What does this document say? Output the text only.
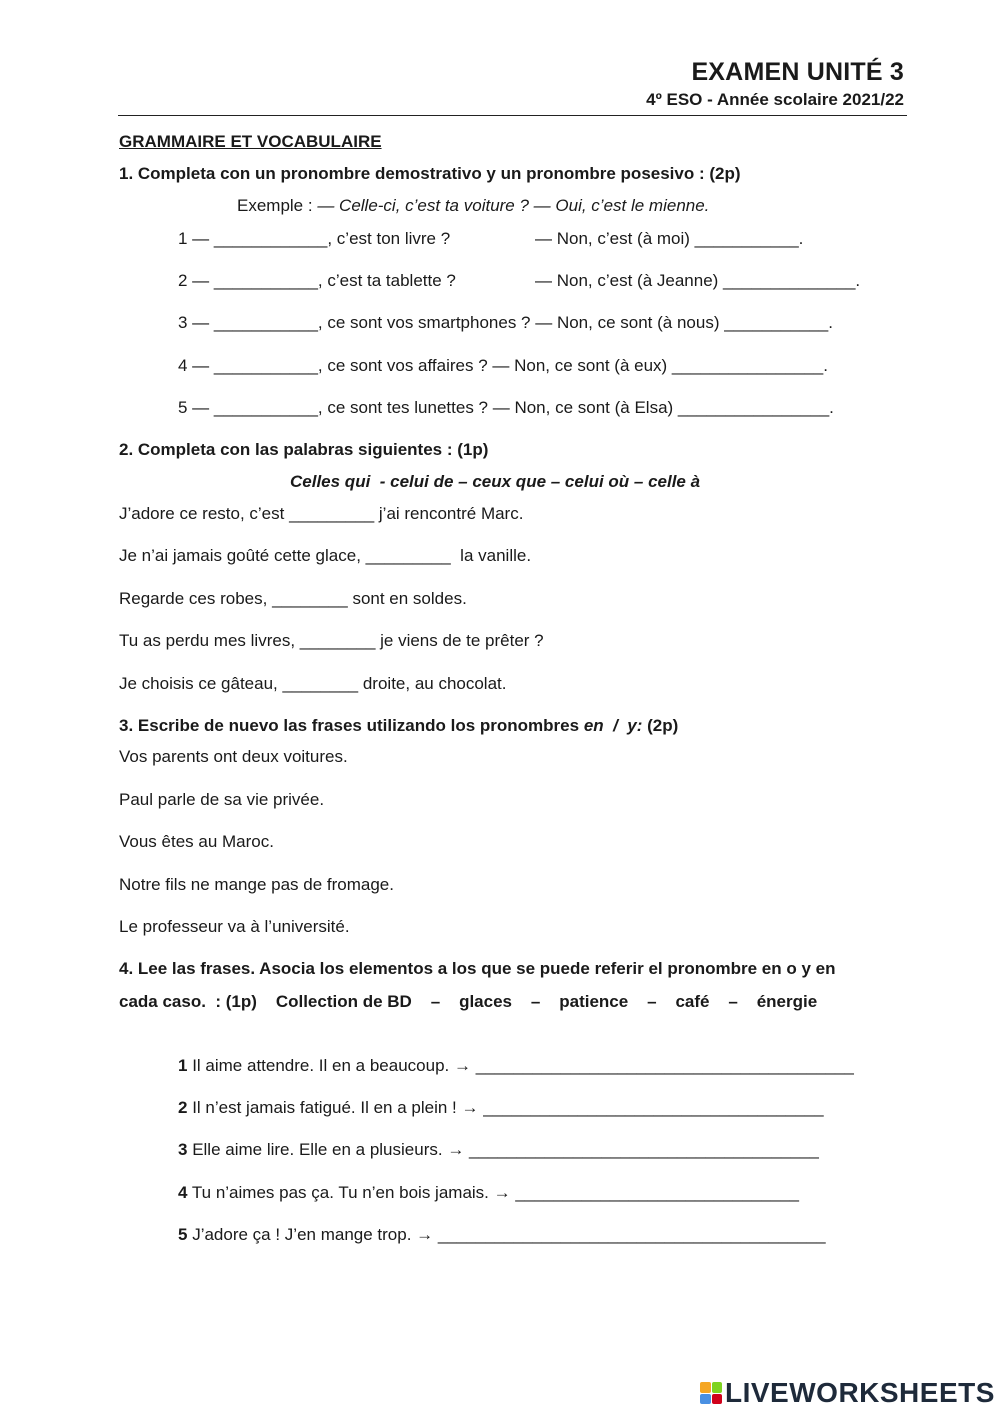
EXAMEN UNITÉ 3
4º ESO - Année scolaire 2021/22
GRAMMAIRE ET VOCABULAIRE
1. Completa con un pronombre demostrativo y un pronombre posesivo : (2p)
Exemple : — Celle-ci, c’est ta voiture ? — Oui, c’est le mienne.
1 — ____________, c’est ton livre ?	— Non, c’est (à moi) ___________.
2 — ___________, c’est ta tablette ?	— Non, c’est (à Jeanne) ______________.
3 — ___________, ce sont vos smartphones ? — Non, ce sont (à nous) ___________.
4 — ___________, ce sont vos affaires ? — Non, ce sont (à eux) ________________.
5 — ___________, ce sont tes lunettes ? — Non, ce sont (à Elsa) ________________.
2. Completa con las palabras siguientes : (1p)
Celles qui  - celui de – ceux que – celui où – celle à
J’adore ce resto, c’est _________ j’ai rencontré Marc.
Je n’ai jamais goûté cette glace, _________  la vanille.
Regarde ces robes, ________ sont en soldes.
Tu as perdu mes livres, ________ je viens de te prêter ?
Je choisis ce gâteau, ________ droite, au chocolat.
3. Escribe de nuevo las frases utilizando los pronombres en  /  y: (2p)
Vos parents ont deux voitures.
Paul parle de sa vie privée.
Vous êtes au Maroc.
Notre fils ne mange pas de fromage.
Le professeur va à l’université.
4. Lee las frases. Asocia los elementos a los que se puede referir el pronombre en o y en
cada caso.  : (1p)    Collection de BD    –    glaces    –    patience    –    café    –    énergie
1 Il aime attendre. Il en a beaucoup. → ________________________________________
2 Il n’est jamais fatigué. Il en a plein ! → ____________________________________
3 Elle aime lire. Elle en a plusieurs. → _____________________________________
4 Tu n’aimes pas ça. Tu n’en bois jamais. → ______________________________
5 J’adore ça ! J’en mange trop. → _________________________________________
LIVEWORKSHEETS
